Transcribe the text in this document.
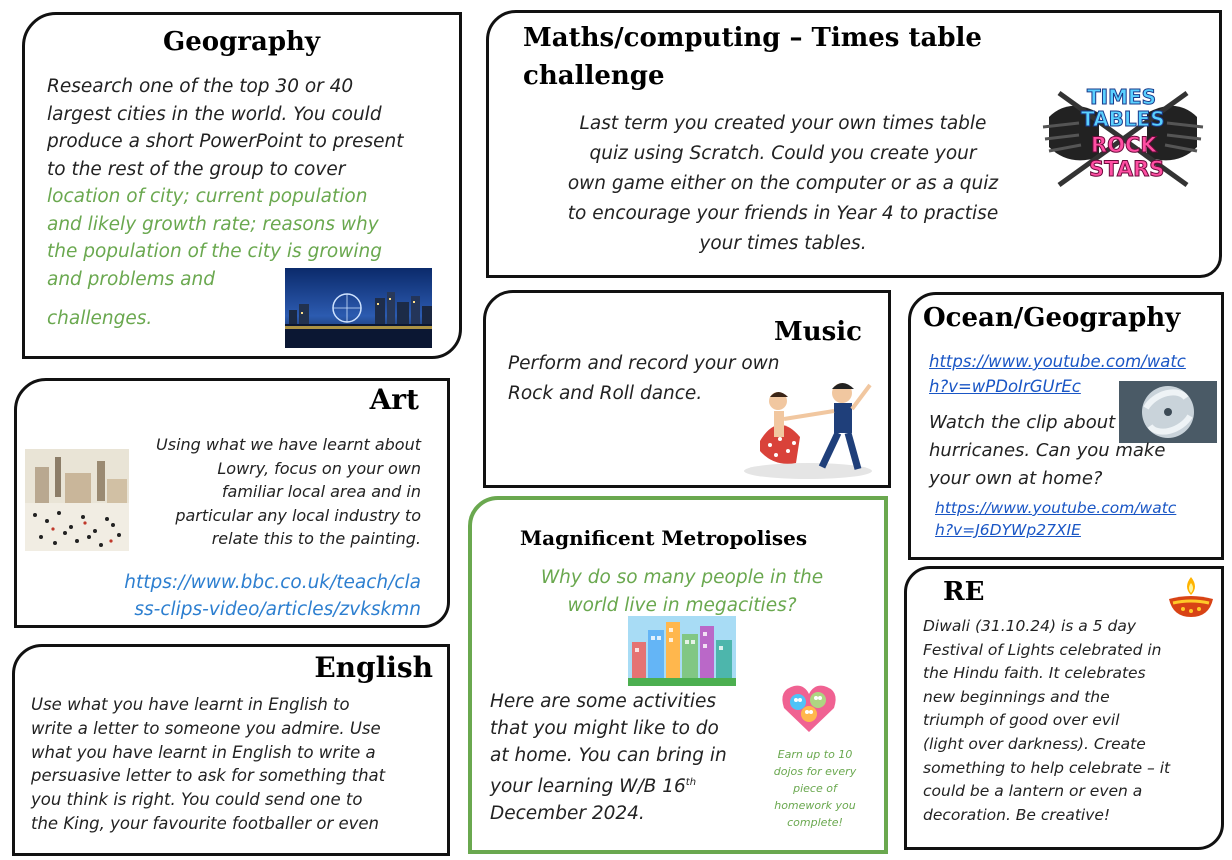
Geography
Research one of the top 30 or 40
largest cities in the world. You could
produce a short PowerPoint to present
to the rest of the group to cover
location of city; current population
and likely growth rate; reasons why
the population of the city is growing
and problems and
challenges.
Maths/computing – Times table
challenge
Last term you created your own times table
quiz using Scratch. Could you create your
own game either on the computer or as a quiz
to encourage your friends in Year 4 to practise
your times tables.
TIMES
TABLES
ROCK
STARS
Art
Using what we have learnt about
Lowry, focus on your own
familiar local area and in
particular any local industry to
relate this to the painting.
https://www.bbc.co.uk/teach/cla
ss-clips-video/articles/zvkskmn
Music
Perform and record your own
Rock and Roll dance.
Ocean/Geography
https://www.youtube.com/watc
h?v=wPDoIrGUrEc
Watch the clip about
hurricanes. Can you make
your own at home?
https://www.youtube.com/watc
h?v=J6DYWp27XIE
Magnificent Metropolises
Why do so many people in the
world live in megacities?
Here are some activities
that you might like to do
at home. You can bring in
your learning W/B 16th
December 2024.
Earn up to 10
dojos for every
piece of
homework you
complete!
English
Use what you have learnt in English to
write a letter to someone you admire. Use
what you have learnt in English to write a
persuasive letter to ask for something that
you think is right. You could send one to
the King, your favourite footballer or even
RE
Diwali (31.10.24) is a 5 day
Festival of Lights celebrated in
the Hindu faith. It celebrates
new beginnings and the
triumph of good over evil
(light over darkness). Create
something to help celebrate – it
could be a lantern or even a
decoration. Be creative!
